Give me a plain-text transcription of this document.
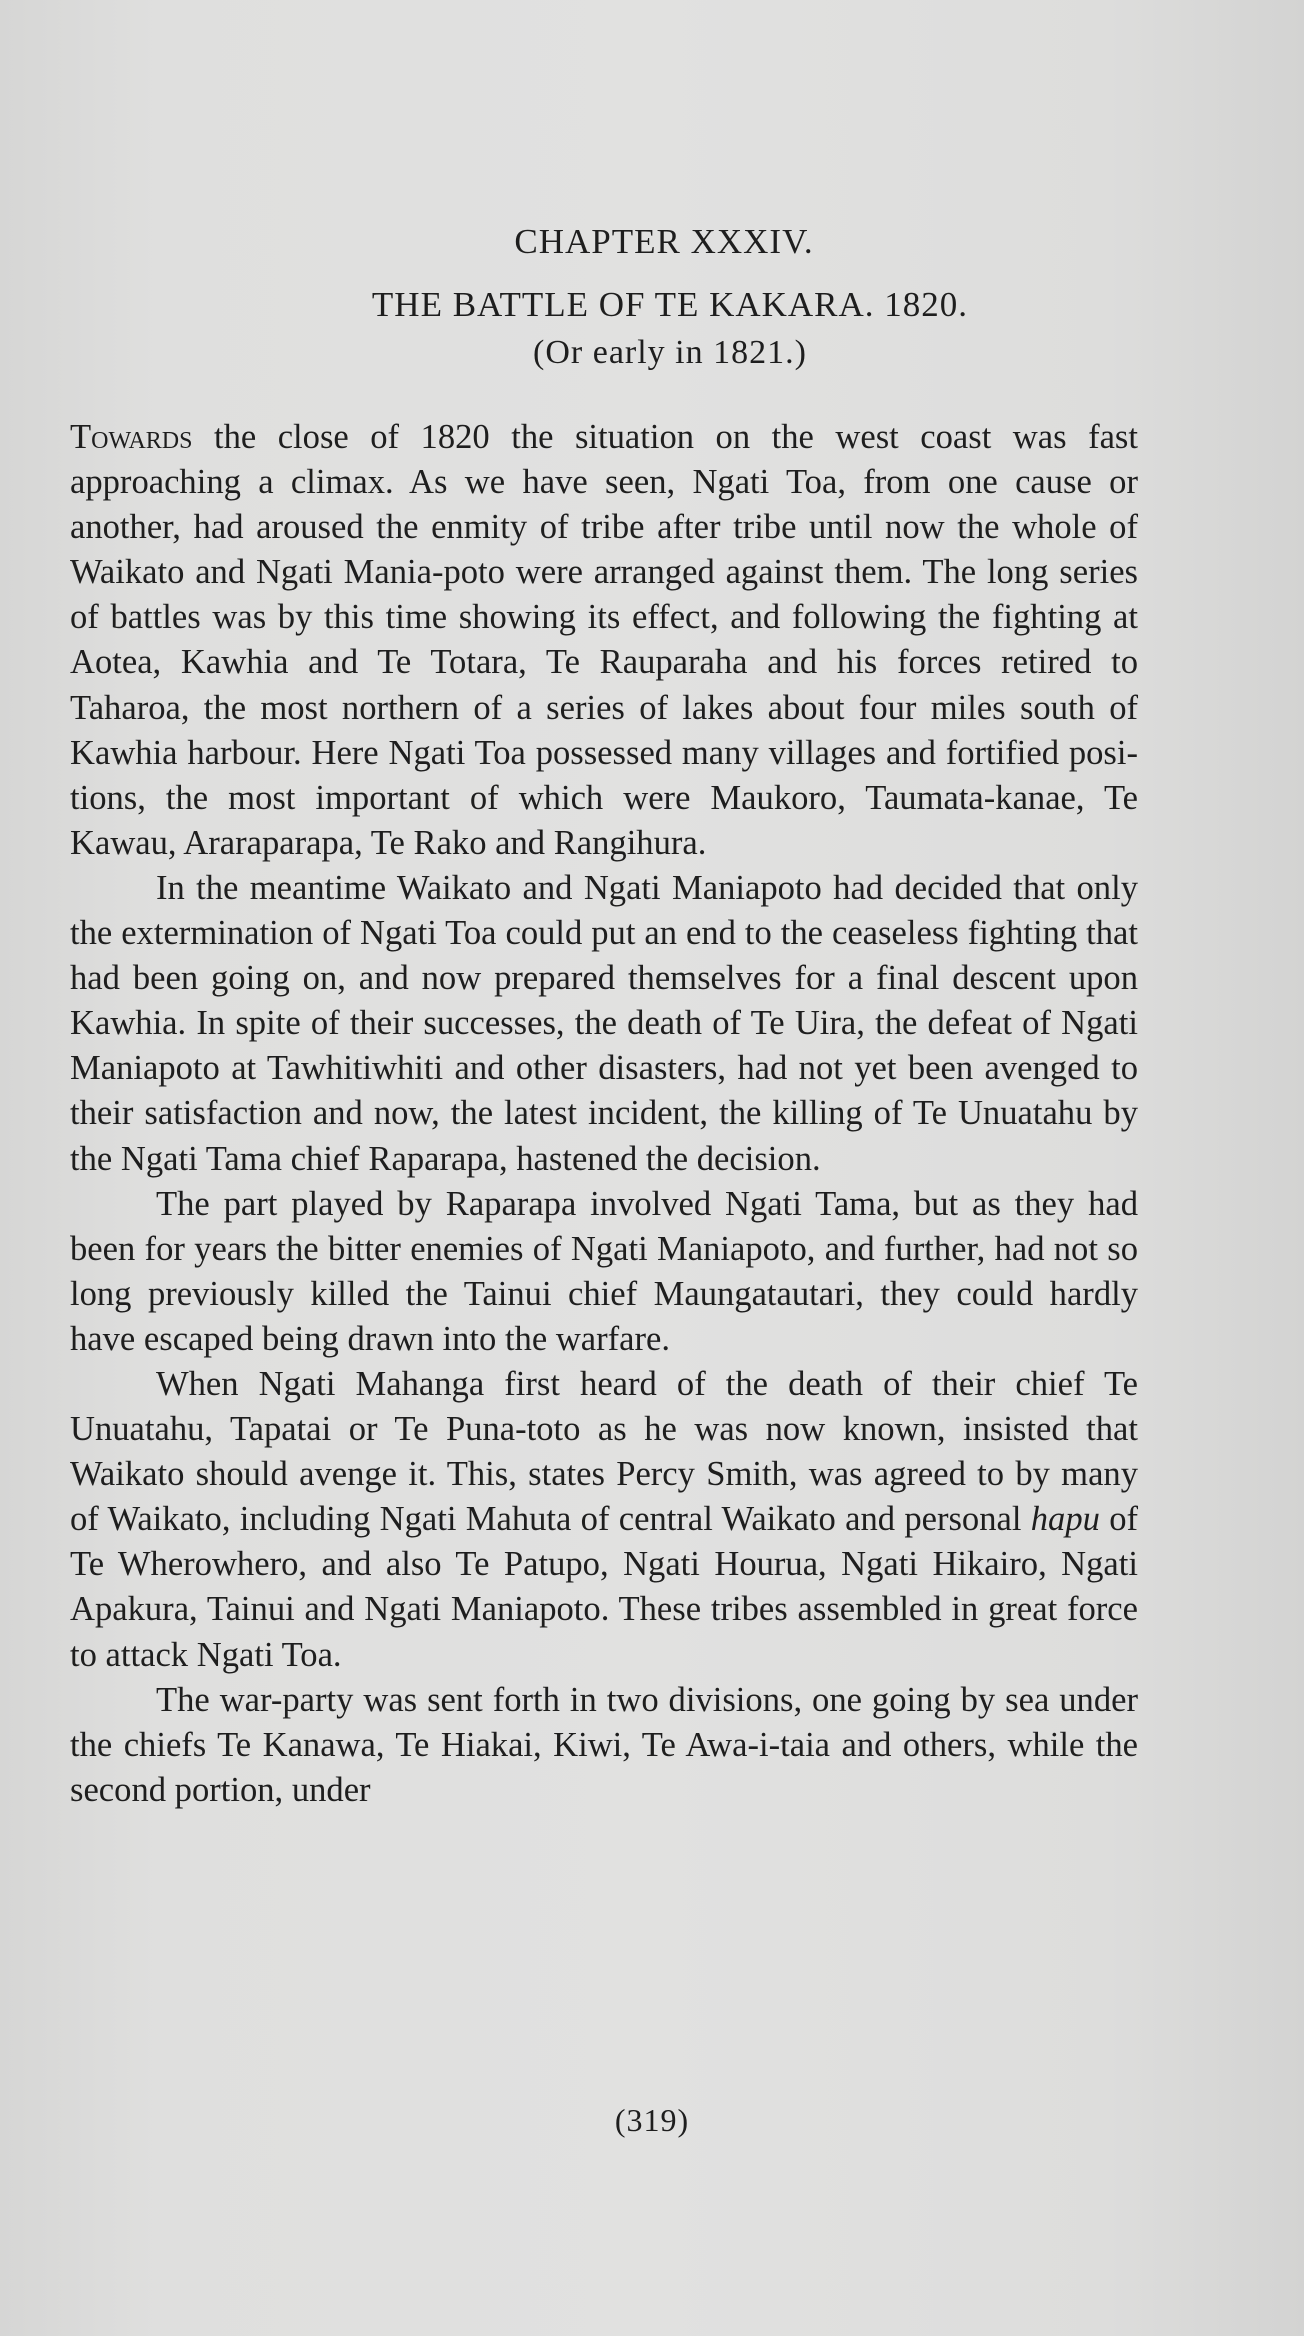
CHAPTER XXXIV.
THE BATTLE OF TE KAKARA. 1820.
(Or early in 1821.)

Towards the close of 1820 the situation on the west coast was fast approaching a climax. As we have seen, Ngati Toa, from one cause or another, had aroused the enmity of tribe after tribe until now the whole of Waikato and Ngati Mania-poto were arranged against them. The long series of battles was by this time showing its effect, and following the fighting at Aotea, Kawhia and Te Totara, Te Rauparaha and his forces retired to Taharoa, the most northern of a series of lakes about four miles south of Kawhia harbour. Here Ngati Toa possessed many villages and fortified posi-tions, the most important of which were Maukoro, Taumata-kanae, Te Kawau, Araraparapa, Te Rako and Rangihura.

In the meantime Waikato and Ngati Maniapoto had decided that only the extermination of Ngati Toa could put an end to the ceaseless fighting that had been going on, and now prepared themselves for a final descent upon Kawhia. In spite of their successes, the death of Te Uira, the defeat of Ngati Maniapoto at Tawhitiwhiti and other disasters, had not yet been avenged to their satisfaction and now, the latest incident, the killing of Te Unuatahu by the Ngati Tama chief Raparapa, hastened the decision.

The part played by Raparapa involved Ngati Tama, but as they had been for years the bitter enemies of Ngati Maniapoto, and further, had not so long previously killed the Tainui chief Maungatautari, they could hardly have escaped being drawn into the warfare.

When Ngati Mahanga first heard of the death of their chief Te Unuatahu, Tapatai or Te Puna-toto as he was now known, insisted that Waikato should avenge it. This, states Percy Smith, was agreed to by many of Waikato, including Ngati Mahuta of central Waikato and personal hapu of Te Wherowhero, and also Te Patupo, Ngati Hourua, Ngati Hikairo, Ngati Apakura, Tainui and Ngati Maniapoto. These tribes assembled in great force to attack Ngati Toa.

The war-party was sent forth in two divisions, one going by sea under the chiefs Te Kanawa, Te Hiakai, Kiwi, Te Awa-i-taia and others, while the second portion, under

(319)
